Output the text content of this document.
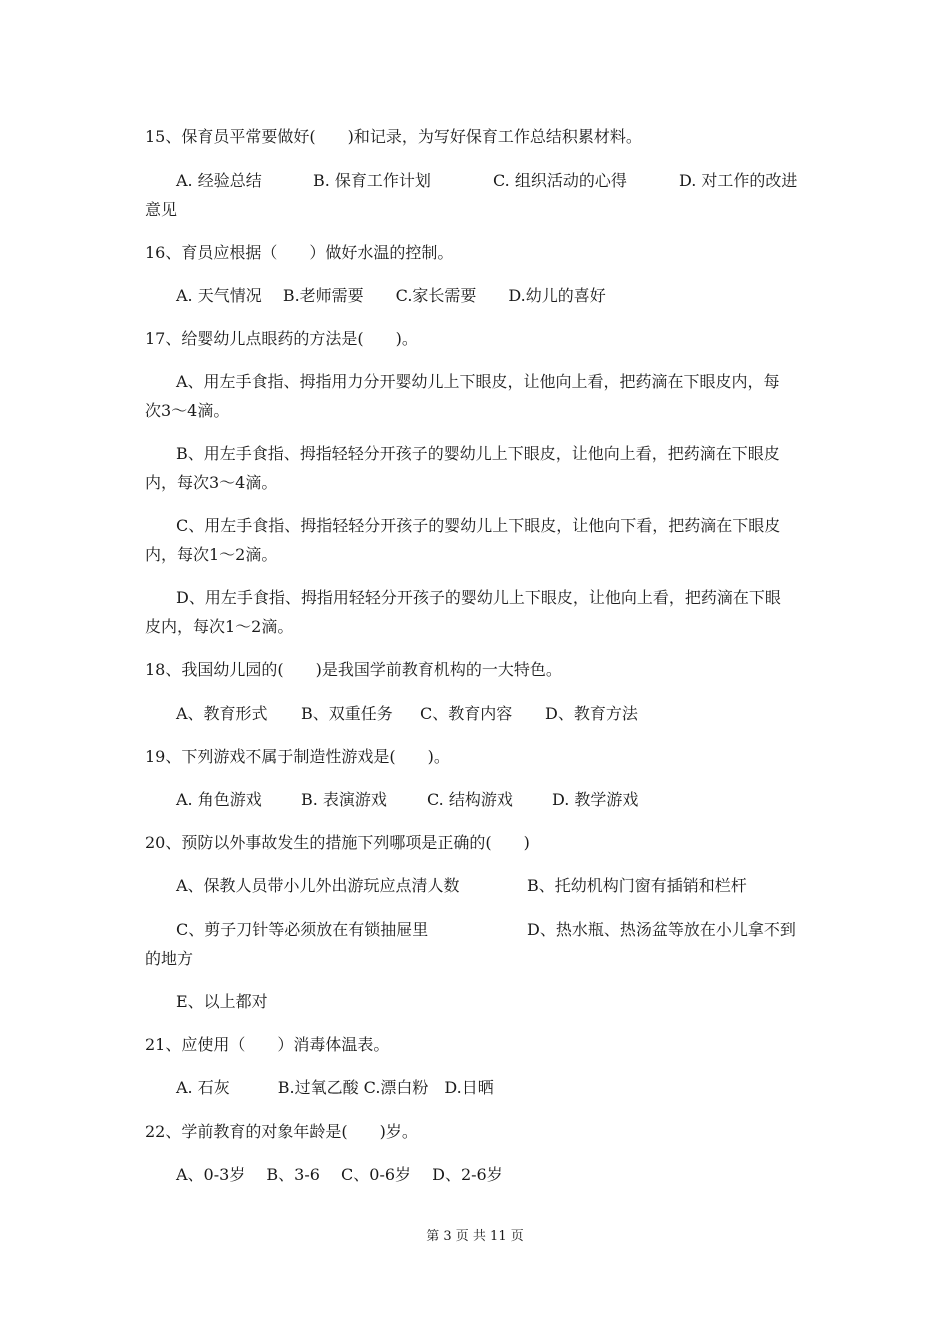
15、保育员平常要做好(　　)和记录，为写好保育工作总结积累材料。
A. 经验总结	B. 保育工作计划	C. 组织活动的心得	D. 对工作的改进
意见
16、育员应根据（　　）做好水温的控制。
A. 天气情况　 B.老师需要　　C.家长需要　　D.幼儿的喜好
17、给婴幼儿点眼药的方法是(　　)。
A、用左手食指、拇指用力分开婴幼儿上下眼皮，让他向上看，把药滴在下眼皮内，每
次3～4滴。
B、用左手食指、拇指轻轻分开孩子的婴幼儿上下眼皮，让他向上看，把药滴在下眼皮
内，每次3～4滴。
C、用左手食指、拇指轻轻分开孩子的婴幼儿上下眼皮，让他向下看，把药滴在下眼皮
内，每次1～2滴。
D、用左手食指、拇指用轻轻分开孩子的婴幼儿上下眼皮，让他向上看，把药滴在下眼
皮内，每次1～2滴。
18、我国幼儿园的(　　)是我国学前教育机构的一大特色。
A、教育形式 B、双重任务 C、教育内容 D、教育方法
19、下列游戏不属于制造性游戏是(　　)。
A. 角色游戏 B. 表演游戏	C. 结构游戏 D. 教学游戏
20、预防以外事故发生的措施下列哪项是正确的(　　)
A、保教人员带小儿外出游玩应点清人数	B、托幼机构门窗有插销和栏杆
C、剪子刀针等必须放在有锁抽屉里	D、热水瓶、热汤盆等放在小儿拿不到
的地方
E、以上都对
21、应使用（　　）消毒体温表。
A. 石灰　　　B.过氧乙酸 C.漂白粉　D.日晒
22、学前教育的对象年龄是(　　)岁。
A、0-3岁　 B、3-6　 C、0-6岁　 D、2-6岁
第 3 页 共 11 页
